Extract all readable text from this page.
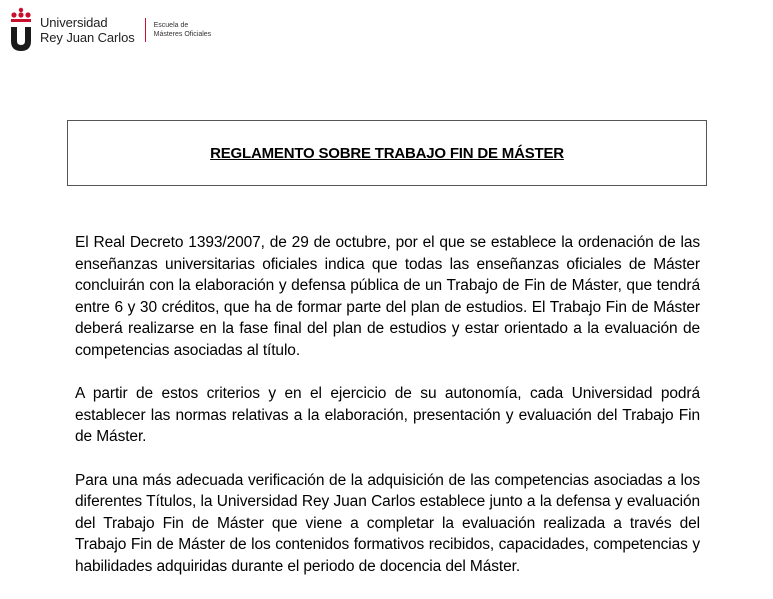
Universidad
Rey Juan Carlos
Escuela de
Másteres Oficiales
REGLAMENTO SOBRE TRABAJO FIN DE MÁSTER

El Real Decreto 1393/2007, de 29 de octubre, por el que se establece la ordenación de las enseñanzas universitarias oficiales indica que todas las enseñanzas oficiales de Máster concluirán con la elaboración y defensa pública de un Trabajo de Fin de Máster, que tendrá entre 6 y 30 créditos, que ha de formar parte del plan de estudios. El Trabajo Fin de Máster deberá realizarse en la fase final del plan de estudios y estar orientado a la evaluación de competencias asociadas al título.

A partir de estos criterios y en el ejercicio de su autonomía, cada Universidad podrá establecer las normas relativas a la elaboración, presentación y evaluación del Trabajo Fin de Máster.

Para una más adecuada verificación de la adquisición de las competencias asociadas a los diferentes Títulos, la Universidad Rey Juan Carlos establece junto a la defensa y evaluación del Trabajo Fin de Máster que viene a completar la evaluación realizada a través del Trabajo Fin de Máster de los contenidos formativos recibidos, capacidades, competencias y habilidades adquiridas durante el periodo de docencia del Máster.
